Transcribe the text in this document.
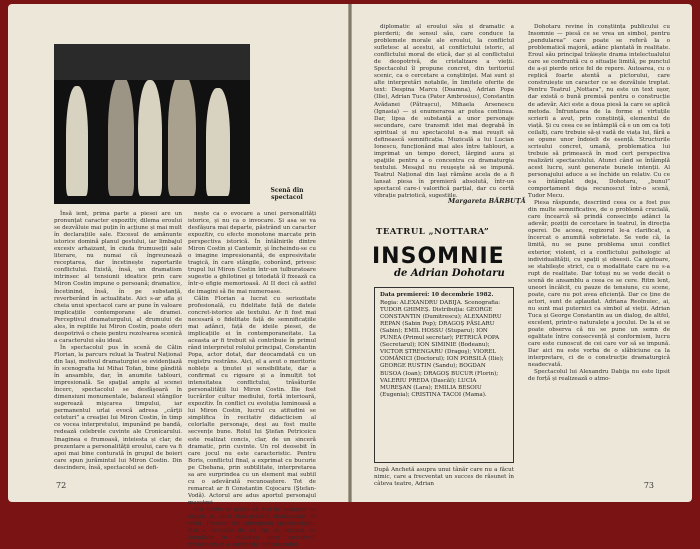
Scenă din spectacol

Însă ient, prima parte a piesei are un pronunțat caracter expozitiv, dilema eroului se dezvăluie mai puțin în acțiune și mai mult în declarațiile sale. Excesul de amănunte istorice domină planul gestului, iar limbajul excesiv arhaizant, în ciuda frumuseții sale literare, nu numai că îngreunează receptarea, dar încetinește raportarile conflictului. Există, însă, un dramatism intrinsec al tensiunii ideatice prin care Miron Costin impune o persoană; dramatice, încetinind, însă, în pe substanță, reverberând în actualitate. Aici s-ar afla și cheia unui spectacol care ar pune în valoare implicațiile contemporane ale dramei. Perceptivul dramaturgului, al drumului de ales, în repliile lui Miron Costin, poate oferi deopotrivă o cheie pentru rezolvarea scenică a caracterului său ideal.

În spectacolul pus în scenă de Călin Florian, la parcurs reluat la Teatrul Național din Iași, motivul dramaturgiei se evidențiază în scenografia lui Mihai Tofan, bine gândită în ansamblu, dar, în anumite tablouri, impresională. Se spaţial amplu al scenei încerc, spectacolul se desfăşoară în dimensiuni monumentale, balansul stângilor sugerează mişcarea timpului, iar permanentul urlai evocă adresa „cărţii ceteturi” a creației lui Miron Costin, în timp ce vocea interpretului, impunând pe bandă, redează celebrele cuvinte ale Cronicarului. Imaginea e frumoasă, inteiesta și clar, de prezentare a personalității eroului, care va fi apoi mai bine conturată în grupul de boieri care spun jurămintul lui Miron Costin. Din descindere, însă, spectacolul se defi-

nește ca o evocare a unei personalități istorice, și nu ca o invocare. Și asa se va desfășura mai departe, păstrând un caracter expozitiv, cu efecte monotone marcate prin perspectiva istorică. În întâlnirile dintre Miron Costin și Cantemir, şi încheindu-se cu o imagine impresionantă, de expresivitate tragică, în care stângile, coborând, privesc trupul lui Miron Costin într-un tulburatoare sugestie a ghilotinei şi totodată îl fixează ca într-o efigie memorioasă. Al II deci că astfel de imagini să fie mai numeroase.

Călin Florian a lucrat cu seriozitate profesională, cu fidelitate față de datele concret-istorice ale textului. Ar fi fost mai necesară o fidelitate față de semnificațiile mai adânci, față de ideile piesei, de implicațiile ei în contemporaneitate. La aceasta ar fi trebuit să contribuie în primul rând interpretul rolului principal, Constantin Popa, actor dotat, dar deocamdată cu un registru restrâns. Aici, el a avut o meritorie noblețe a ținutei și sensibilitate, dar a confirmat cu rigoare și a înmulțit tot intensitatea conflictului, trăsăturile personalității lui Miron Costin. Ilie fost lucrărilor cultur mediului, fortă interioară, expozitiv. În conflict cu evoluția luminoasă a lui Miron Costin, lucrul cu atitudini se simplifica în recitativ didacticism al celorlalte personaje, deși au fost multe secvențe bune. Rolul lui Ştefan Petriceicu este realizat concis, clar, de un sinceră dramatic, prin cuvinte. Un rol deosebit în care jocul nu este caracteristic. Pentru Boris, conflictul final, a exprimat cu bucurie pe Chebana, prin subtilitate, interpretarea sa are surprindea cu un element mai subtil cu o adevărată recunoaștere. Tot de remarcat ar fi Constantin Cojocaru (Ştefan-Vodă). Actorul are adus aportul personajul maestrei.

Dar multe ar putea să mai fie adăugat un elogiu al unei interpretări tradiționale în rolul. Fiecare din interpretii spectacolului. Dar o evoluție de un tip de lectură cu fermitate în stilistica unui spectacol, frămâneru-ri a surprinde rafinamentul

72

diplomatic al eroului său și dramatic a pierderii; de sensul său, care conduce la problemele morale ale eroului, la conflictul sufletesc al acestui, al conflictului istoric, al conflictului moral de etică, dar și al conflictului de deopotrivă, de cristalizare a vieții. Spectacolul îl propune concret, din teritoriul scenic, ca o cercetare a conştiinţei. Mai sunt și alte interpretări notabile, în limitele oferite de text: Despina Marcu (Doamna), Adrian Popa (Ilie), Adrian Tuca (Pater Ambrosius), Constantin Avădanei (Pătrașcu), Mihaela Arsenescu (Ignasia) — și enumerarea ar putea continua. Dar, lipsa de substanță a unor personaje secundare, care transmit idei mai degrabă în spiritual și nu spectacolul n-a mai reușit să definească semnificația. Muzicală a lui Lucian Ionescu, funcționând mai ales între tablouri, a imprimat un tempo dorect, lărgind aura și spaţiile pentru a o concentra cu dramaturgia textului. Mesajul nu reuşeşte să se impună. Teatrul Național din Iași rămâne acela de a fi lansat piesa în premieră absolută, într-un spectacol care-i valorifică parțial, dar cu certă vibrație patriotică, sugestiile.

Margareta BĂRBUȚĂ
TEATRUL „NOTTARA”
INSOMNIE
de Adrian Dohotaru
Data premierei: 10 decembrie 1982.
Regia: ALEXANDRU DABIJA. Scenografia: TUDOR GHIMEȘ. Distribuția: GEORGE CONSTANTIN (Dumitrescu); ALEXANDRU REPAN (Sabin Pop); DRAGOȘ PĂSLARU (Sabin); EMIL HOSSU (Stuparu); ION PUNEA (Primul secretar); PETRICĂ POPA (Secretarul); ION SIMINIE (Bodeanu); VICTOR ȘTRENGARU (Dragoş); VIOREL COMĂNICI (Doctorul); ION PORSILĂ (Ilie); GEORGE RUSTIN (Sandu); BOGDAN BUSOA (Ioan); DRAGOȘ BUCUR (Florin); VALERIU PREDA (Dascăl); LUCIA MUREȘAN (Lara); EMILIA BESOIU (Eugenia); CRISTINA TACOI (Mama).
După Anchetă asupra unui tânăr care nu a făcut nimic, care a frecventat un succes de răsunet în câteva teatre, Adrian

Dohotaru revine în conștiința publicului cu Insomnie — piesă ce se vrea un simbol, pentru „pendularea” care poate se referă la o problematică majoră, adânc plantată în realitate. Eroul său principal trăiește drama intelectualului care se confruntă cu o situație limită, pe punctul de a-și pierde orice fel de repere. Autoarea, cu o replică foarte atentă a pictorului, care construiește un caracter ce se dezvăluie treptat. Pentru Teatrul „Nottara”, nu este un text ușor, dar există o bună premisă pentru o construcție de adevăr. Aici este a doua piesă la care se aplică metoda. Înfruntarea de la forme și virtuțile scrierii a avut, prin conștiință, elementul de viață. Și cu ceea ce se întâmplă că e un om ca toți ceilalți, care trebuie să-și vadă de viața lui, fără a se opune unor îndoieli de esență. Structurile scrisului concret, umană, problematica lui trebuie să primească în mod cert perspectiva realizării spectacolului. Atunci când se întâmplă acest lucru, sunt generate bunele intenții. Al personajului aduce a se închide un relativ. Cu ce s-a întâmplat deja, Dohotaru, „bunul” comportament deja recunoscut într-o scenă, Tudor Mecu.

Piesa răspunde, descriind ceea ce a fost pus din multe semnificative, de o problemă crucială, care încearcă să prindă consecințe adânci la adevăr, poziții de cercetare în teatrul, în direcția operei. De aceea, regizorul le-a clarificat, a încercat o anumită sobrietate. Se vede că, la limită, nu se pune problema unui conflict exterior, violent, ci a conflictului psihologic al individualității, cu spații și obsesii. Ca ajutoare, se stabilește strict, cu o modalitate care nu s-a rupt de realitate. Dar totuși nu se vede decât o scenă de ansamblu a ceea ce se cere. Ritm lent, uneori încâlcit, cu pauze de tensiune, cu scene, poate, care nu pot avea eficiență. Dar ce ține de actori, sunt de aplaudat. Adriana Reolnuiec, ai, nu sunt mai puternici ca simbol al vieții. Adrian Tuca și George Constantin au un dialog, de altfel, excelent, printr-o naturalețe a jocului. De la ei se poate observa că nu se pune un semn de egalitate între consecvență și conformism, lucru care este cunoscut de cei care vor să se impună. Dar aici nu este vorba de o slăbiciune ca la interpretare, ci de o construcție dramaturgică neadecvată.

Spectacolul lui Alexandru Dabija nu este lipsit de forță și realizează o atmo-

73
